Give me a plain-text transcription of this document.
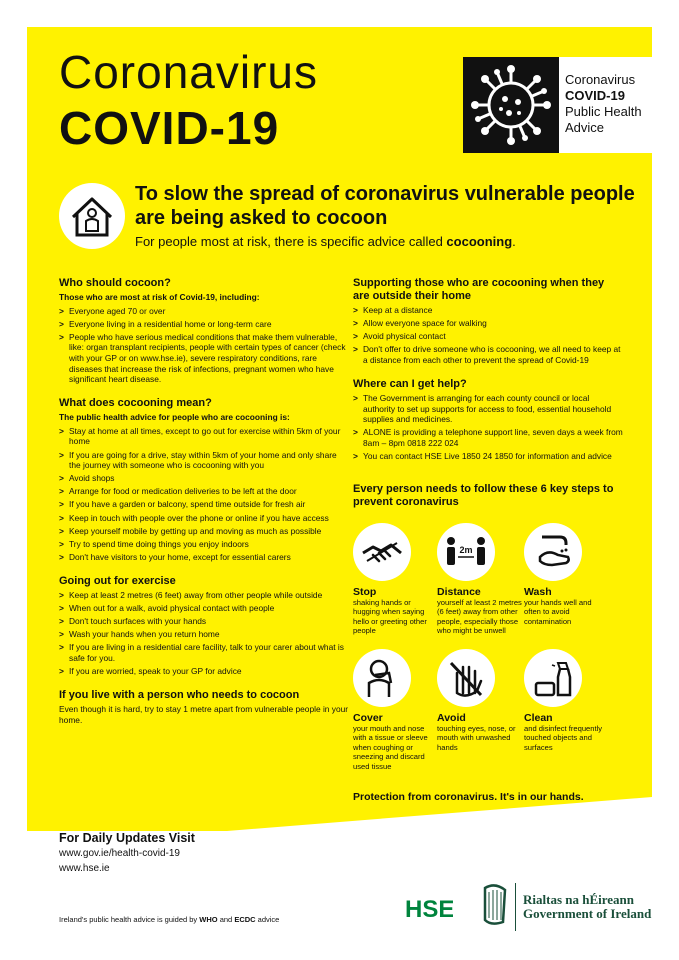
Coronavirus
COVID-19
Coronavirus
COVID-19
Public Health
Advice
To slow the spread of coronavirus vulnerable people are being asked to cocoon
For people most at risk, there is specific advice called cocooning.
Who should cocoon?
Those who are most at risk of Covid-19, including:
> Everyone aged 70 or over
> Everyone living in a residential home or long-term care
> People who have serious medical conditions that make them vulnerable, like: organ transplant recipients, people with certain types of cancer (check with your GP or on www.hse.ie), severe respiratory conditions, rare diseases that increase the risk of infections, pregnant women who have significant heart disease.
What does cocooning mean?
The public health advice for people who are cocooning is:
> Stay at home at all times, except to go out for exercise within 5km of your home
> If you are going for a drive, stay within 5km of your home and only share the journey with someone who is cocooning with you
> Avoid shops
> Arrange for food or medication deliveries to be left at the door
> If you have a garden or balcony, spend time outside for fresh air
> Keep in touch with people over the phone or online if you have access
> Keep yourself mobile by getting up and moving as much as possible
> Try to spend time doing things you enjoy indoors
> Don't have visitors to your home, except for essential carers
Going out for exercise
> Keep at least 2 metres (6 feet) away from other people while outside
> When out for a walk, avoid physical contact with people
> Don't touch surfaces with your hands
> Wash your hands when you return home
> If you are living in a residential care facility, talk to your carer about what is safe for you.
> If you are worried, speak to your GP for advice
If you live with a person who needs to cocoon

Even though it is hard, try to stay 1 metre apart from vulnerable people in your home.

Supporting those who are cocooning when they are outside their home
> Keep at a distance
> Allow everyone space for walking
> Avoid physical contact
> Don't offer to drive someone who is cocooning, we all need to keep at a distance from each other to prevent the spread of Covid-19
Where can I get help?
> The Government is arranging for each county council or local authority to set up supports for access to food, essential household supplies and medicines.
> ALONE is providing a telephone support line, seven days a week from 8am – 8pm 0818 222 024
> You can contact HSE Live 1850 24 1850 for information and advice
Every person needs to follow these 6 key steps to prevent coronavirus
Stop
shaking hands or hugging when saying hello or greeting other people
2m
Distance
yourself at least 2 metres (6 feet) away from other people, especially those who might be unwell
Wash
your hands well and often to avoid contamination
Cover
your mouth and nose with a tissue or sleeve when coughing or sneezing and discard used tissue
Avoid
touching eyes, nose, or mouth with unwashed hands
Clean
and disinfect frequently touched objects and surfaces
Protection from coronavirus. It's in our hands.
For Daily Updates Visit
www.gov.ie/health-covid-19
www.hse.ie
Ireland's public health advice is guided by WHO and ECDC advice	HSE	Rialtas na hÉireann
Government of Ireland
